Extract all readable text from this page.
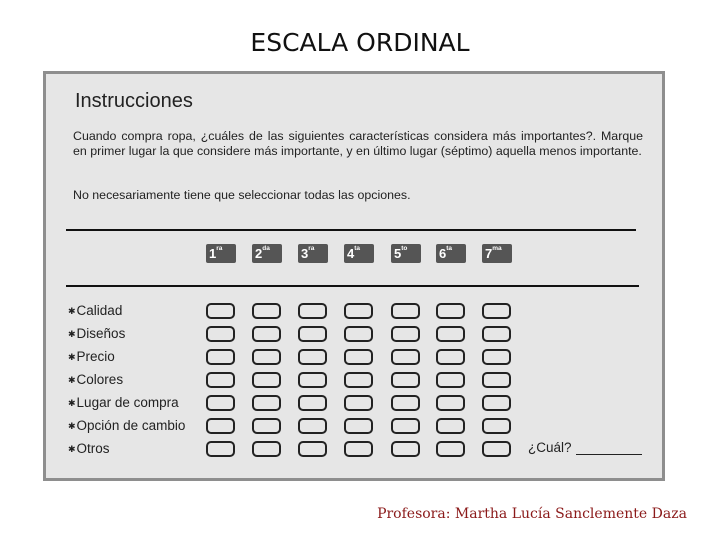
ESCALA ORDINAL
Instrucciones
Cuando compra ropa, ¿cuáles de las siguientes características considera más importantes?. Marque en primer lugar la que considere más importante, y en último lugar (séptimo) aquella menos importante.
No necesariamente tiene que seleccionar todas las opciones.
¿Cuál?
$1^{ra}$	$2^{da}$	$3^{ra}$	$4^{ta}$	$5^{to}$	$6^{ta}$	$7^{ma}$
✱Calidad
✱Diseños
✱Precio
✱Colores
✱Lugar de compra
✱Opción de cambio
✱Otros
Profesora: Martha Lucía Sanclemente Daza
